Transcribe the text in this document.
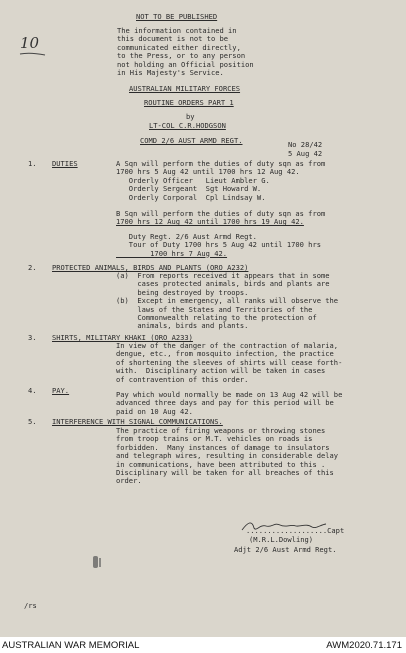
10
NOT TO BE PUBLISHED
The information contained in
this document is not to be
communicated either directly,
to the Press, or to any person
not holding an Official position
in His Majesty's Service.
AUSTRALIAN MILITARY FORCES
ROUTINE ORDERS PART 1
by
LT-COL C.R.HODGSON
COMD 2/6 AUST ARMD REGT.	No 28/42
5 Aug 42
1. DUTIES	A Sqn will perform the duties of duty sqn as from
1700 hrs 5 Aug 42 until 1700 hrs 12 Aug 42.
Orderly Officer   Lieut Ambler G.
Orderly Sergeant  Sgt Howard W.
Orderly Corporal  Cpl Lindsay W.
B Sqn will perform the duties of duty sqn as from
1700 hrs 12 Aug 42 until 1700 hrs 19 Aug 42.
Duty Regt. 2/6 Aust Armd Regt.
Tour of Duty 1700 hrs 5 Aug 42 until 1700 hrs
1700 hrs 7 Aug 42.
2. PROTECTED ANIMALS, BIRDS AND PLANTS (ORO A232)
(a)  From reports received it appears that in some
cases protected animals, birds and plants are
being destroyed by troops.
(b)  Except in emergency, all ranks will observe the
laws of the States and Territories of the
Commonwealth relating to the protection of
animals, birds and plants.
3. SHIRTS, MILITARY KHAKI (ORO A233)
In view of the danger of the contraction of malaria,
dengue, etc., from mosquito infection, the practice
of shortening the sleeves of shirts will cease forth-
with.  Disciplinary action will be taken in cases
of contravention of this order.
4. PAY.	Pay which would normally be made on 13 Aug 42 will be
advanced three days and pay for this period will be
paid on 10 Aug 42.
5. INTERFERENCE WITH SIGNAL COMMUNICATIONS.
The practice of firing weapons or throwing stones
from troop trains or M.T. vehicles on roads is
forbidden.  Many instances of damage to insulators
and telegraph wires, resulting in considerable delay
in communications, have been attributed to this .
Disciplinary will be taken for all breaches of this
order.
...................Capt
(M.R.L.Dowling)
Adjt 2/6 Aust Armd Regt.
/rs
AUSTRALIAN WAR MEMORIAL	AWM2020.71.171
